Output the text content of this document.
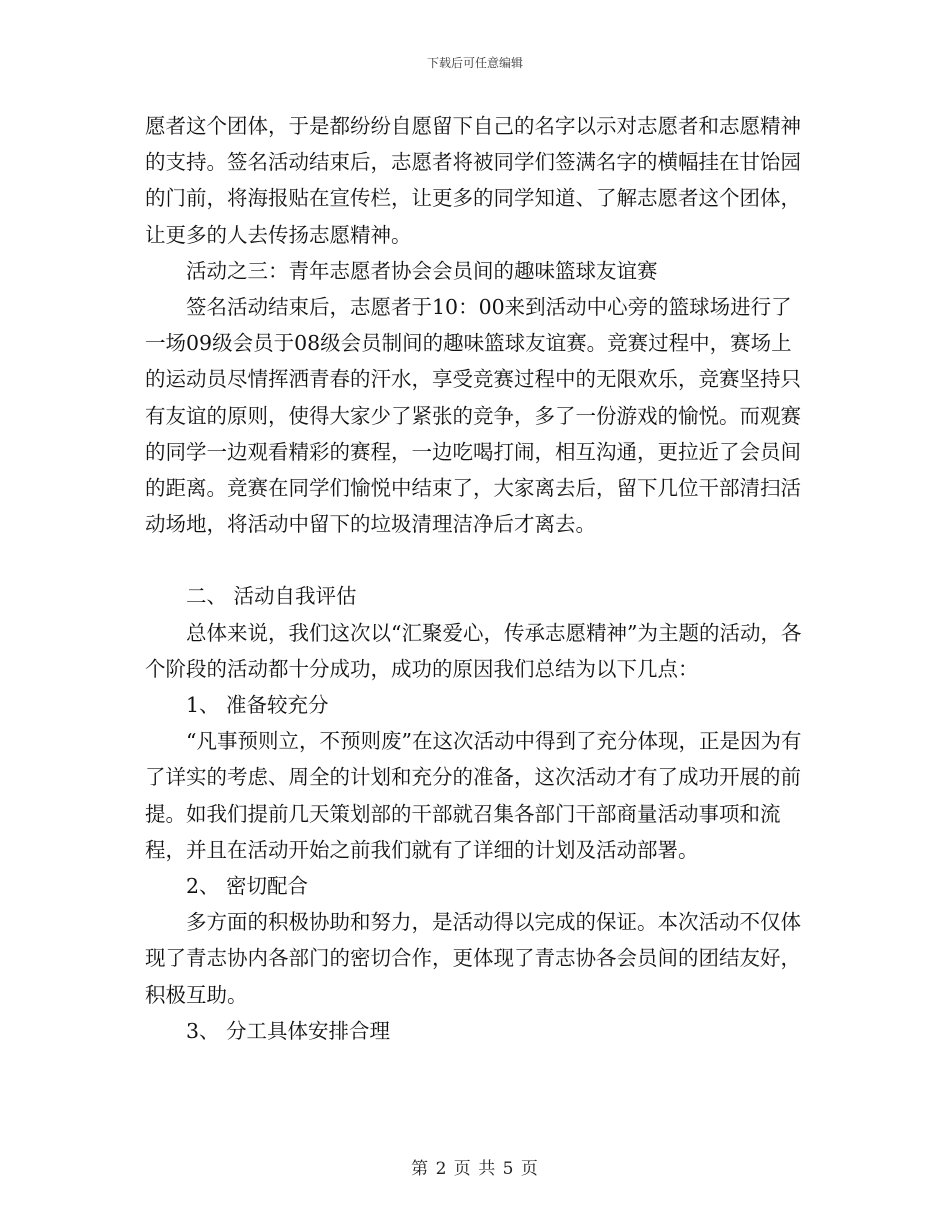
下载后可任意编辑

愿者这个团体，于是都纷纷自愿留下自己的名字以示对志愿者和志愿精神的支持。签名活动结束后，志愿者将被同学们签满名字的横幅挂在甘饴园的门前，将海报贴在宣传栏，让更多的同学知道、了解志愿者这个团体，让更多的人去传扬志愿精神。

活动之三：青年志愿者协会会员间的趣味篮球友谊赛

签名活动结束后，志愿者于10：00来到活动中心旁的篮球场进行了一场09级会员于08级会员制间的趣味篮球友谊赛。竞赛过程中，赛场上的运动员尽情挥洒青春的汗水，享受竞赛过程中的无限欢乐，竞赛坚持只有友谊的原则，使得大家少了紧张的竞争，多了一份游戏的愉悦。而观赛的同学一边观看精彩的赛程，一边吃喝打闹，相互沟通，更拉近了会员间的距离。竞赛在同学们愉悦中结束了，大家离去后，留下几位干部清扫活动场地，将活动中留下的垃圾清理洁净后才离去。

二、 活动自我评估

总体来说，我们这次以“汇聚爱心，传承志愿精神”为主题的活动，各个阶段的活动都十分成功，成功的原因我们总结为以下几点：

1、 准备较充分

“凡事预则立，不预则废”在这次活动中得到了充分体现，正是因为有了详实的考虑、周全的计划和充分的准备，这次活动才有了成功开展的前提。如我们提前几天策划部的干部就召集各部门干部商量活动事项和流程，并且在活动开始之前我们就有了详细的计划及活动部署。

2、 密切配合

多方面的积极协助和努力，是活动得以完成的保证。本次活动不仅体现了青志协内各部门的密切合作，更体现了青志协各会员间的团结友好，积极互助。

3、 分工具体安排合理

第 2 页 共 5 页
